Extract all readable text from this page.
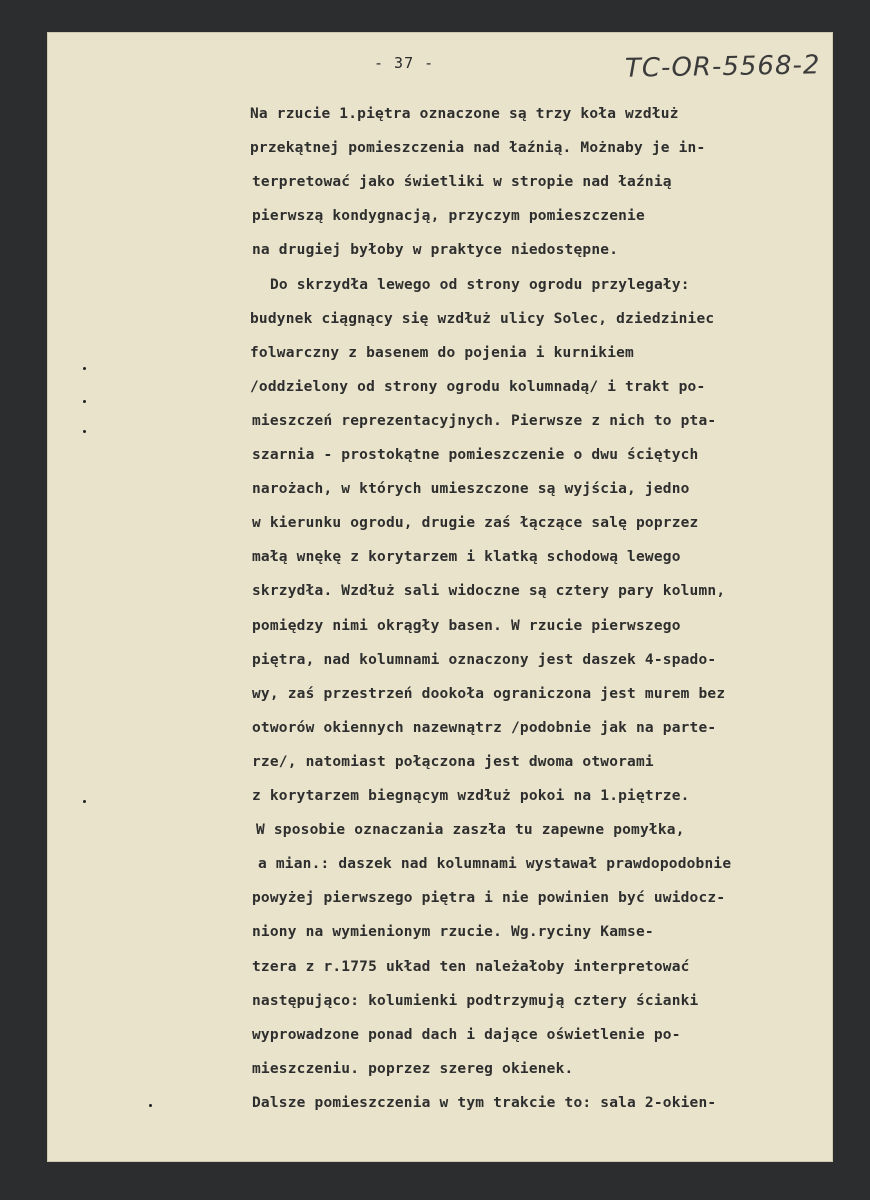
- 37 -	TC-OR-5568-2
Na rzucie 1.piętra oznaczone są trzy koła wzdłuż
przekątnej pomieszczenia nad łaźnią. Możnaby je in-
terpretować jako świetliki w stropie nad łaźnią
pierwszą kondygnacją, przyczym pomieszczenie
na drugiej byłoby w praktyce niedostępne.
Do skrzydła lewego od strony ogrodu przylegały:
budynek ciągnący się wzdłuż ulicy Solec, dziedziniec
folwarczny z basenem do pojenia i kurnikiem
/oddzielony od strony ogrodu kolumnadą/ i trakt po-
mieszczeń reprezentacyjnych. Pierwsze z nich to pta-
szarnia - prostokątne pomieszczenie o dwu ściętych
narożach, w których umieszczone są wyjścia, jedno
w kierunku ogrodu, drugie zaś łączące salę poprzez
małą wnękę z korytarzem i klatką schodową lewego
skrzydła. Wzdłuż sali widoczne są cztery pary kolumn,
pomiędzy nimi okrągły basen. W rzucie pierwszego
piętra, nad kolumnami oznaczony jest daszek 4-spado-
wy, zaś przestrzeń dookoła ograniczona jest murem bez
otworów okiennych nazewnątrz /podobnie jak na parte-
rze/, natomiast połączona jest dwoma otworami
z korytarzem biegnącym wzdłuż pokoi na 1.piętrze.
W sposobie oznaczania zaszła tu zapewne pomyłka,
a mian.: daszek nad kolumnami wystawał prawdopodobnie
powyżej pierwszego piętra i nie powinien być uwidocz-
niony na wymienionym rzucie. Wg.ryciny Kamse-
tzera z r.1775 układ ten należałoby interpretować
następująco: kolumienki podtrzymują cztery ścianki
wyprowadzone ponad dach i dające oświetlenie po-
mieszczeniu. poprzez szereg okienek.
Dalsze pomieszczenia w tym trakcie to: sala 2-okien-
